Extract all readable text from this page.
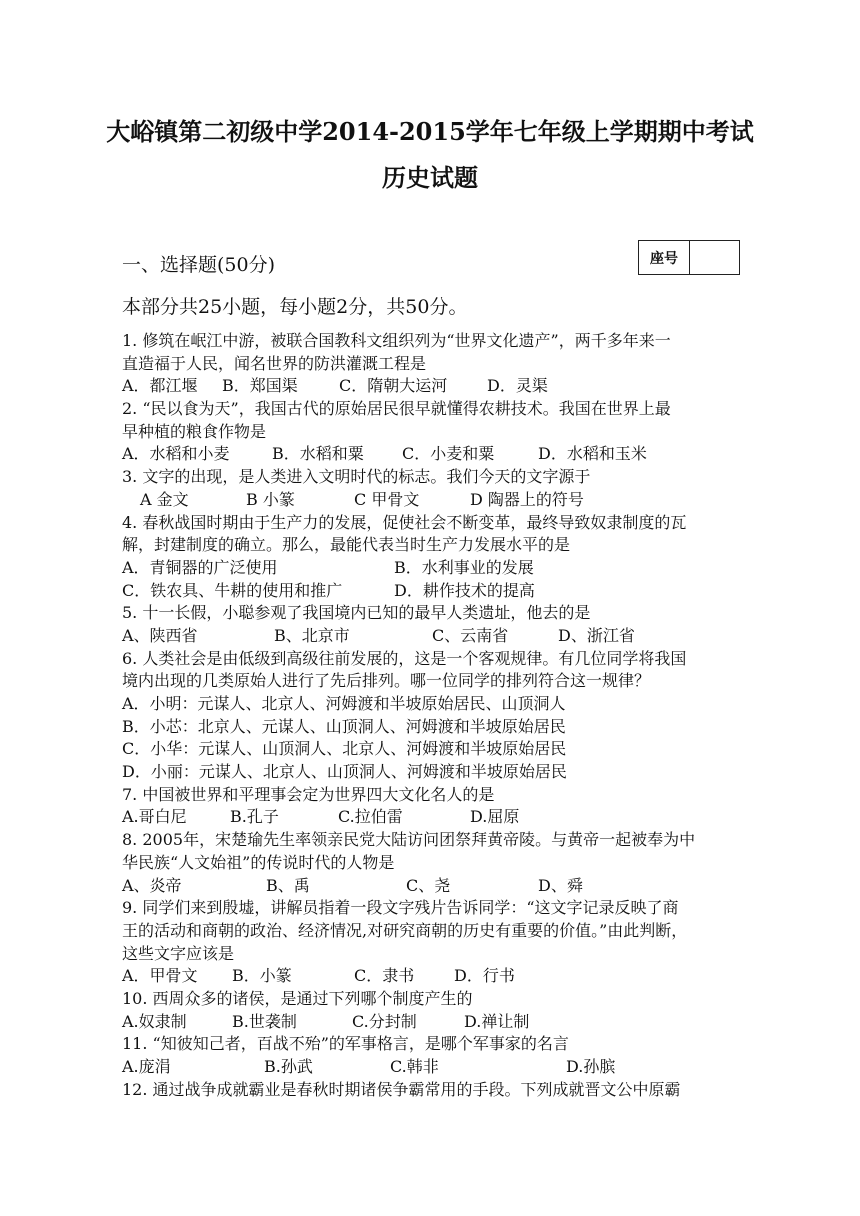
大峪镇第二初级中学2014-2015学年七年级上学期期中考试
历史试题
一、选择题(50分)	座号
本部分共25小题，每小题2分，共50分。
1. 修筑在岷江中游，被联合国教科文组织列为“世界文化遗产”，两千多年来一
直造福于人民，闻名世界的防洪灌溉工程是
A．都江堰	B．郑国渠	C．隋朝大运河	D．灵渠
2. “民以食为天”，我国古代的原始居民很早就懂得农耕技术。我国在世界上最
早种植的粮食作物是
A．水稻和小麦	B．水稻和粟	C．小麦和粟	D．水稻和玉米
3. 文字的出现，是人类进入文明时代的标志。我们今天的文字源于
A 金文	B 小篆	C 甲骨文	D 陶器上的符号
4. 春秋战国时期由于生产力的发展，促使社会不断变革，最终导致奴隶制度的瓦
解，封建制度的确立。那么，最能代表当时生产力发展水平的是
A．青铜器的广泛使用	B．水利事业的发展
C．铁农具、牛耕的使用和推广	D．耕作技术的提高
5. 十一长假，小聪参观了我国境内已知的最早人类遗址，他去的是
A、陕西省	B、北京市	C、云南省	D、浙江省
6. 人类社会是由低级到高级往前发展的，这是一个客观规律。有几位同学将我国
境内出现的几类原始人进行了先后排列。哪一位同学的排列符合这一规律？
A．小明：元谋人、北京人、河姆渡和半坡原始居民、山顶洞人
B．小芯：北京人、元谋人、山顶洞人、河姆渡和半坡原始居民
C．小华：元谋人、山顶洞人、北京人、河姆渡和半坡原始居民
D．小丽：元谋人、北京人、山顶洞人、河姆渡和半坡原始居民
7. 中国被世界和平理事会定为世界四大文化名人的是
A.哥白尼	B.孔子	C.拉伯雷	D.屈原
8. 2005年，宋楚瑜先生率领亲民党大陆访问团祭拜黄帝陵。与黄帝一起被奉为中
华民族“人文始祖”的传说时代的人物是
A、炎帝	B、禹	C、尧	D、舜
9. 同学们来到殷墟，讲解员指着一段文字残片告诉同学：“这文字记录反映了商
王的活动和商朝的政治、经济情况,对研究商朝的历史有重要的价值。”由此判断，
这些文字应该是
A．甲骨文	B．小篆	C．隶书	D．行书
10. 西周众多的诸侯，是通过下列哪个制度产生的
A.奴隶制	B.世袭制	C.分封制	D.禅让制
11. “知彼知己者，百战不殆”的军事格言，是哪个军事家的名言
A.庞涓	B.孙武	C.韩非	D.孙膑
12. 通过战争成就霸业是春秋时期诸侯争霸常用的手段。下列成就晋文公中原霸
